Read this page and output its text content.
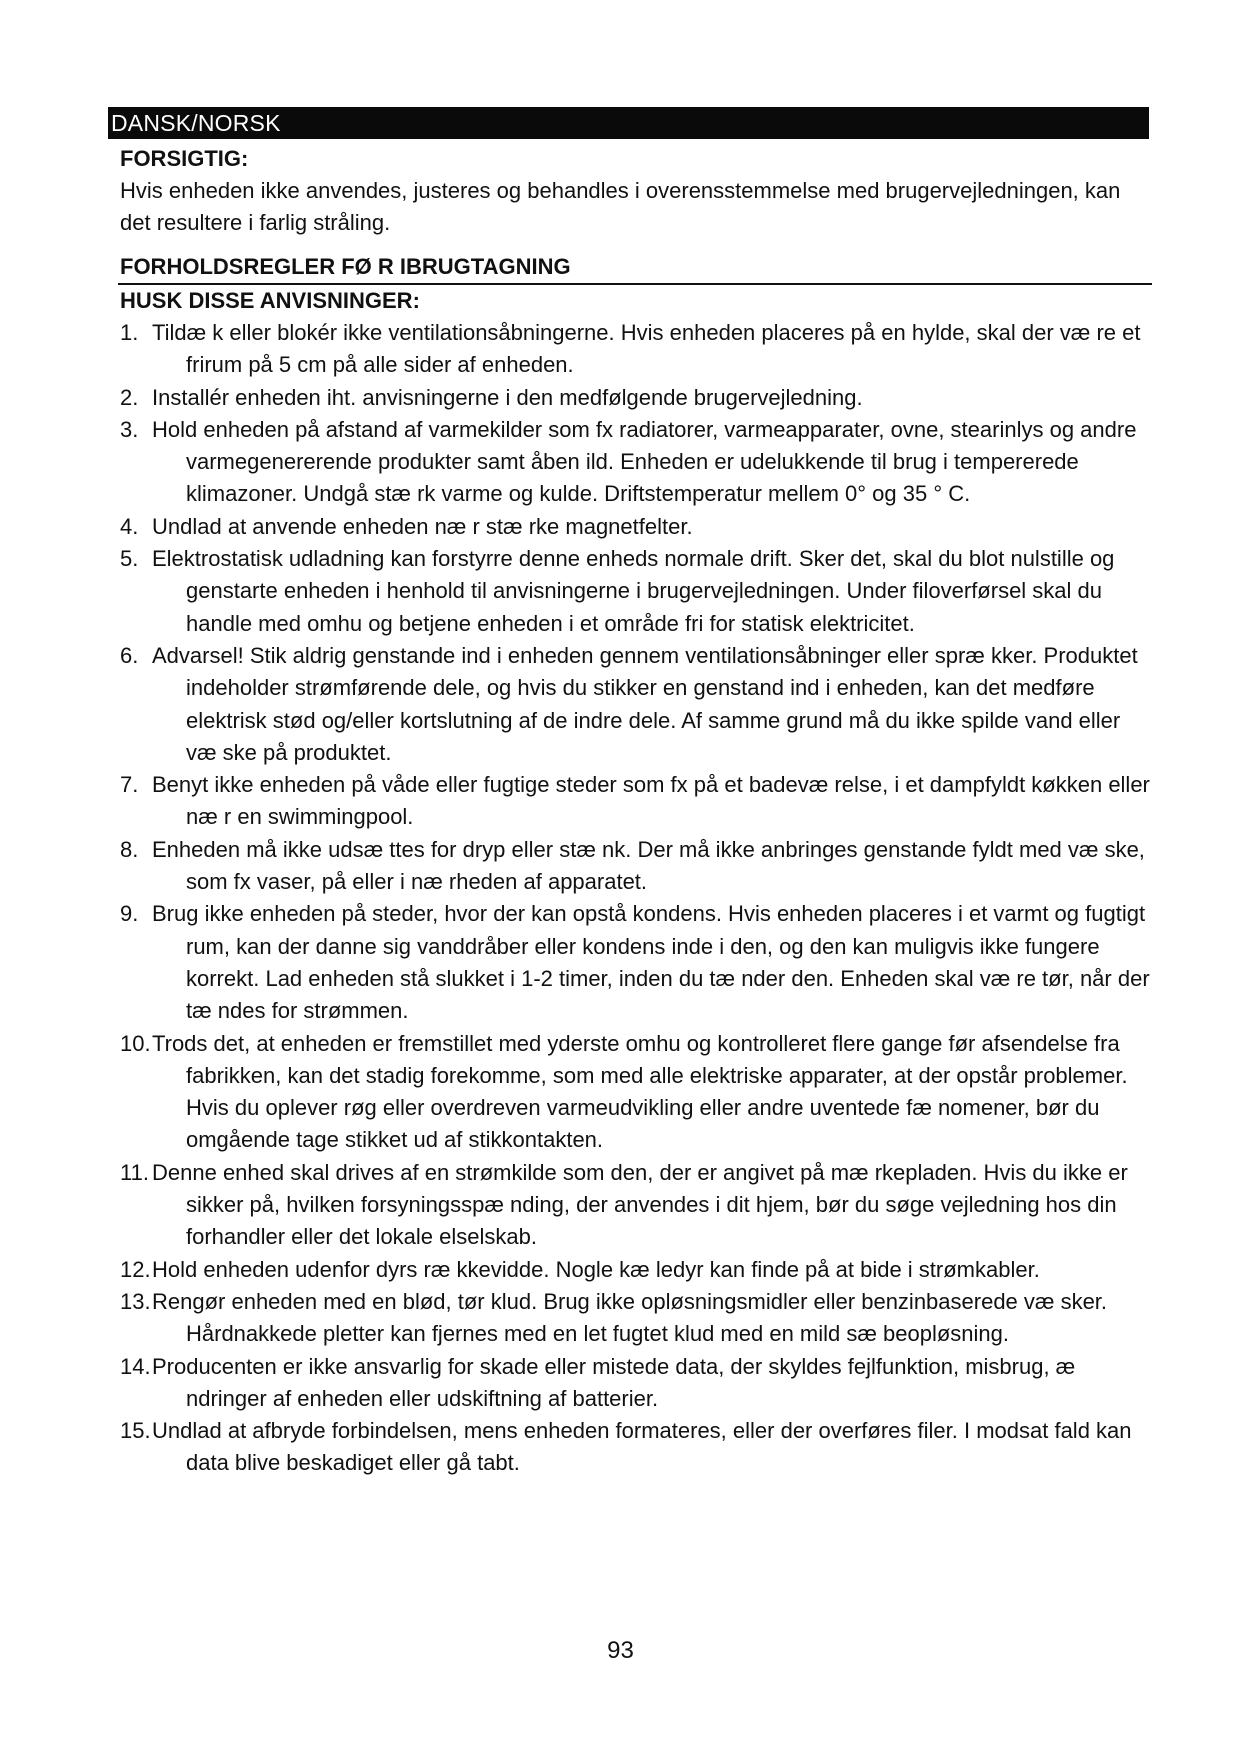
DANSK/NORSK
FORSIGTIG:
Hvis enheden ikke anvendes, justeres og behandles i overensstemmelse med brugervejledningen, kan det resultere i farlig stråling.
FORHOLDSREGLER FØ R IBRUGTAGNING
HUSK DISSE ANVISNINGER:
1. Tildæ k eller blokér ikke ventilationsåbningerne. Hvis enheden placeres på en hylde, skal der væ re et frirum på 5 cm på alle sider af enheden.
2. Installér enheden iht. anvisningerne i den medfølgende brugervejledning.
3. Hold enheden på afstand af varmekilder som fx radiatorer, varmeapparater, ovne, stearinlys og andre varmegenererende produkter samt åben ild. Enheden er udelukkende til brug i tempererede klimazoner. Undgå stæ rk varme og kulde. Driftstemperatur mellem 0° og 35 ° C.
4. Undlad at anvende enheden næ r stæ rke magnetfelter.
5. Elektrostatisk udladning kan forstyrre denne enheds normale drift. Sker det, skal du blot nulstille og genstarte enheden i henhold til anvisningerne i brugervejledningen. Under filoverførsel skal du handle med omhu og betjene enheden i et område fri for statisk elektricitet.
6. Advarsel! Stik aldrig genstande ind i enheden gennem ventilationsåbninger eller spræ kker. Produktet indeholder strømførende dele, og hvis du stikker en genstand ind i enheden, kan det medføre elektrisk stød og/eller kortslutning af de indre dele. Af samme grund må du ikke spilde vand eller væ ske på produktet.
7. Benyt ikke enheden på våde eller fugtige steder som fx på et badevæ relse, i et dampfyldt køkken eller næ r en swimmingpool.
8. Enheden må ikke udsæ ttes for dryp eller stæ nk. Der må ikke anbringes genstande fyldt med væ ske, som fx vaser, på eller i næ rheden af apparatet.
9. Brug ikke enheden på steder, hvor der kan opstå kondens. Hvis enheden placeres i et varmt og fugtigt rum, kan der danne sig vanddråber eller kondens inde i den, og den kan muligvis ikke fungere korrekt. Lad enheden stå slukket i 1-2 timer, inden du tæ nder den. Enheden skal væ re tør, når der tæ ndes for strømmen.
10. Trods det, at enheden er fremstillet med yderste omhu og kontrolleret flere gange før afsendelse fra fabrikken, kan det stadig forekomme, som med alle elektriske apparater, at der opstår problemer. Hvis du oplever røg eller overdreven varmeudvikling eller andre uventede fæ nomener, bør du omgående tage stikket ud af stikkontakten.
11. Denne enhed skal drives af en strømkilde som den, der er angivet på mæ rkepladen. Hvis du ikke er sikker på, hvilken forsyningsspæ nding, der anvendes i dit hjem, bør du søge vejledning hos din forhandler eller det lokale elselskab.
12. Hold enheden udenfor dyrs ræ kkevidde. Nogle kæ ledyr kan finde på at bide i strømkabler.
13. Rengør enheden med en blød, tør klud. Brug ikke opløsningsmidler eller benzinbaserede væ sker. Hårdnakkede pletter kan fjernes med en let fugtet klud med en mild sæ beopløsning.
14. Producenten er ikke ansvarlig for skade eller mistede data, der skyldes fejlfunktion, misbrug, æ ndringer af enheden eller udskiftning af batterier.
15. Undlad at afbryde forbindelsen, mens enheden formateres, eller der overføres filer. I modsat fald kan data blive beskadiget eller gå tabt.
93
